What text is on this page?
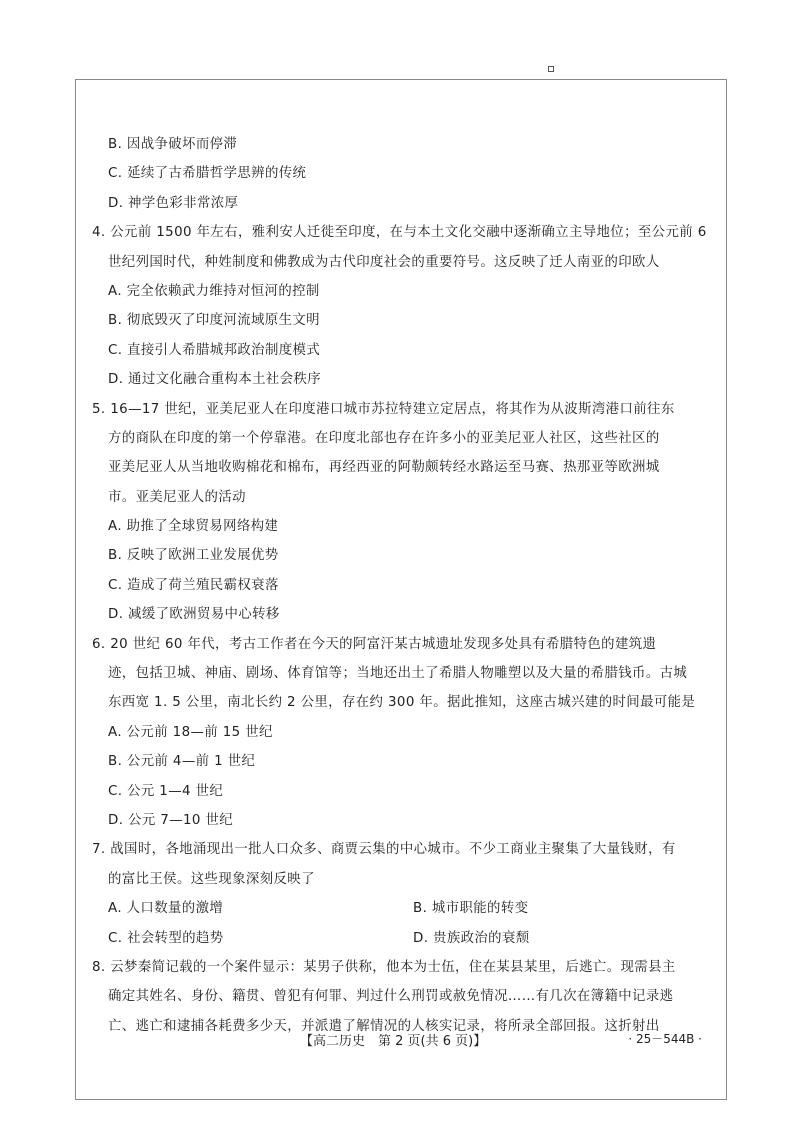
B. 因战争破坏而停滞
C. 延续了古希腊哲学思辨的传统
D. 神学色彩非常浓厚
4. 公元前 1500 年左右，雅利安人迁徙至印度，在与本土文化交融中逐渐确立主导地位；至公元前 6
世纪列国时代，种姓制度和佛教成为古代印度社会的重要符号。这反映了迁人南亚的印欧人
A. 完全依赖武力维持对恒河的控制
B. 彻底毁灭了印度河流域原生文明
C. 直接引人希腊城邦政治制度模式
D. 通过文化融合重构本土社会秩序
5. 16—17 世纪，亚美尼亚人在印度港口城市苏拉特建立定居点，将其作为从波斯湾港口前往东
方的商队在印度的第一个停靠港。在印度北部也存在许多小的亚美尼亚人社区，这些社区的
亚美尼亚人从当地收购棉花和棉布，再经西亚的阿勒颇转经水路运至马赛、热那亚等欧洲城
市。亚美尼亚人的活动
A. 助推了全球贸易网络构建
B. 反映了欧洲工业发展优势
C. 造成了荷兰殖民霸权衰落
D. 减缓了欧洲贸易中心转移
6. 20 世纪 60 年代，考古工作者在今天的阿富汗某古城遗址发现多处具有希腊特色的建筑遗
迹，包括卫城、神庙、剧场、体育馆等；当地还出土了希腊人物雕塑以及大量的希腊钱币。古城
东西宽 1. 5 公里，南北长约 2 公里，存在约 300 年。据此推知，这座古城兴建的时间最可能是
A. 公元前 18—前 15 世纪
B. 公元前 4—前 1 世纪
C. 公元 1—4 世纪
D. 公元 7—10 世纪
7. 战国时，各地涌现出一批人口众多、商贾云集的中心城市。不少工商业主聚集了大量钱财，有
的富比王侯。这些现象深刻反映了
A. 人口数量的激增	B. 城市职能的转变
C. 社会转型的趋势	D. 贵族政治的衰颓
8. 云梦秦简记载的一个案件显示：某男子供称，他本为士伍，住在某县某里，后逃亡。现需县主
确定其姓名、身份、籍贯、曾犯有何罪、判过什么刑罚或赦免情况……有几次在簿籍中记录逃
亡、逃亡和逮捕各耗费多少天，并派遣了解情况的人核实记录，将所录全部回报。这折射出
【高二历史　第 2 页(共 6 页)】	· 25－544B ·
